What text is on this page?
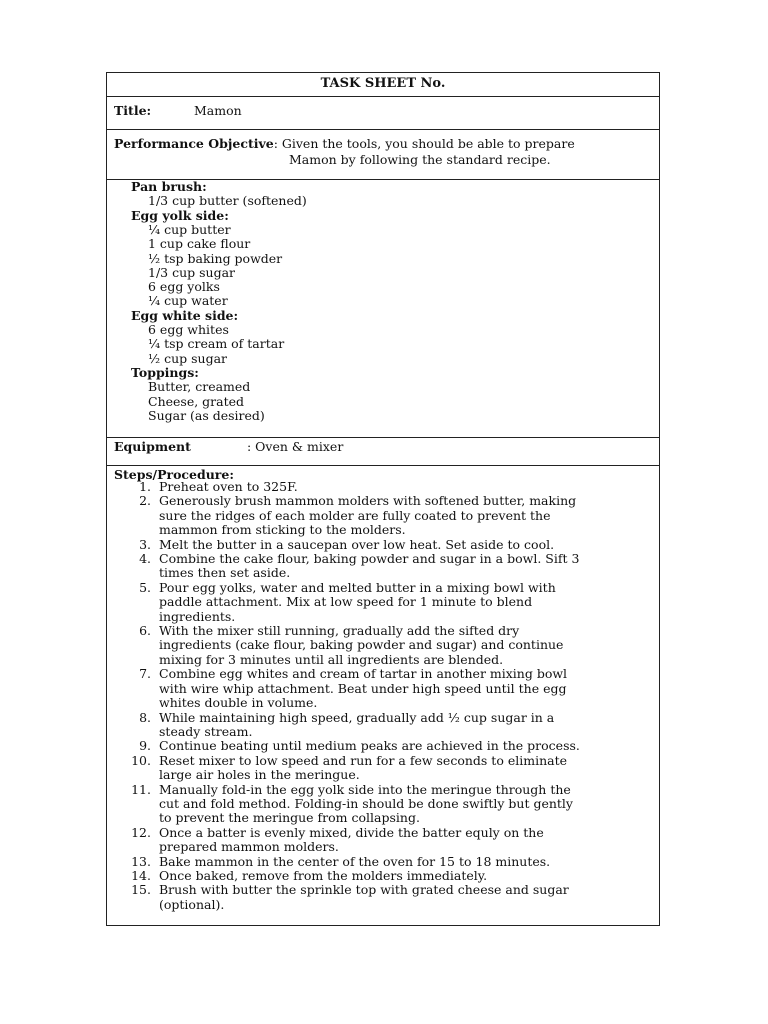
TASK SHEET No.
Title:	Mamon
Performance Objective: Given the tools, you should be able to prepare
Mamon by following the standard recipe.
Pan brush:
1/3 cup butter (softened)
Egg yolk side:
¼ cup butter
1 cup cake flour
½ tsp baking powder
1/3 cup sugar
6 egg yolks
¼ cup water
Egg white side:
6 egg whites
¼ tsp cream of tartar
½ cup sugar
Toppings:
Butter, creamed
Cheese, grated
Sugar (as desired)
Equipment	: Oven & mixer
Steps/Procedure:
1. Preheat oven to 325F.
2. Generously brush mammon molders with softened butter, making
sure the ridges of each molder are fully coated to prevent the
mammon from sticking to the molders.
3. Melt the butter in a saucepan over low heat. Set aside to cool.
4. Combine the cake flour, baking powder and sugar in a bowl. Sift 3
times then set aside.
5. Pour egg yolks, water and melted butter in a mixing bowl with
paddle attachment. Mix at low speed for 1 minute to blend
ingredients.
6. With the mixer still running, gradually add the sifted dry
ingredients (cake flour, baking powder and sugar) and continue
mixing for 3 minutes until all ingredients are blended.
7. Combine egg whites and cream of tartar in another mixing bowl
with wire whip attachment. Beat under high speed until the egg
whites double in volume.
8. While maintaining high speed, gradually add ½ cup sugar in a
steady stream.
9. Continue beating until medium peaks are achieved in the process.
10. Reset mixer to low speed and run for a few seconds to eliminate
large air holes in the meringue.
11. Manually fold-in the egg yolk side into the meringue through the
cut and fold method. Folding-in should be done swiftly but gently
to prevent the meringue from collapsing.
12. Once a batter is evenly mixed, divide the batter equly on the
prepared mammon molders.
13. Bake mammon in the center of the oven for 15 to 18 minutes.
14. Once baked, remove from the molders immediately.
15. Brush with butter the sprinkle top with grated cheese and sugar
(optional).
